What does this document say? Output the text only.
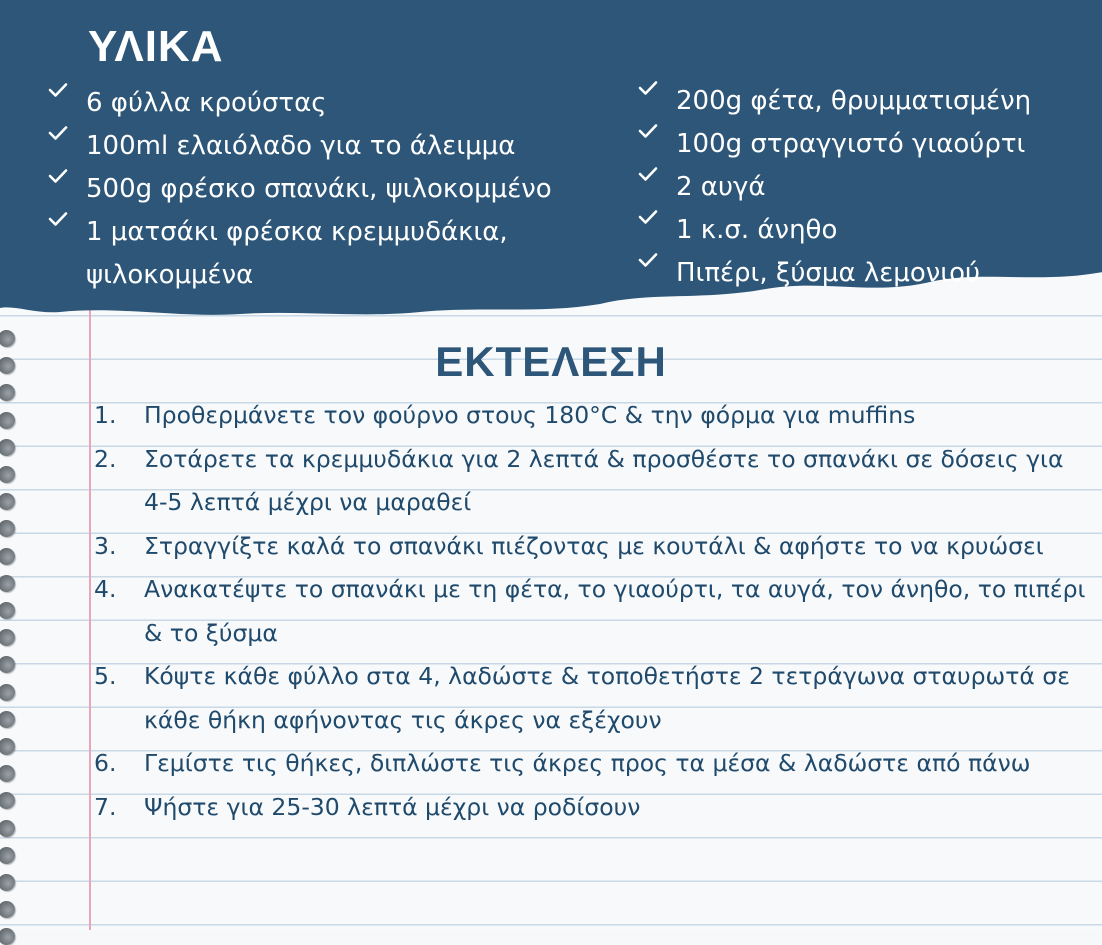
ΥΛΙΚΑ
6 φύλλα κρούστας
100ml ελαιόλαδο για το άλειμμα
500g φρέσκο σπανάκι, ψιλοκομμένο
1 ματσάκι φρέσκα κρεμμυδάκια, ψιλοκομμένα
200g φέτα, θρυμματισμένη
100g στραγγιστό γιαούρτι
2 αυγά
1 κ.σ. άνηθο
Πιπέρι, ξύσμα λεμονιού
ΕΚΤΕΛΕΣΗ
1. Προθερμάνετε τον φούρνο στους 180°C & την φόρμα για muffins
2. Σοτάρετε τα κρεμμυδάκια για 2 λεπτά & προσθέστε το σπανάκι σε δόσεις για 4-5 λεπτά μέχρι να μαραθεί
3. Στραγγίξτε καλά το σπανάκι πιέζοντας με κουτάλι & αφήστε το να κρυώσει
4. Ανακατέψτε το σπανάκι με τη φέτα, το γιαούρτι, τα αυγά, τον άνηθο, το πιπέρι & το ξύσμα
5. Κόψτε κάθε φύλλο στα 4, λαδώστε & τοποθετήστε 2 τετράγωνα σταυρωτά σε κάθε θήκη αφήνοντας τις άκρες να εξέχουν
6. Γεμίστε τις θήκες, διπλώστε τις άκρες προς τα μέσα & λαδώστε από πάνω
7. Ψήστε για 25-30 λεπτά μέχρι να ροδίσουν
